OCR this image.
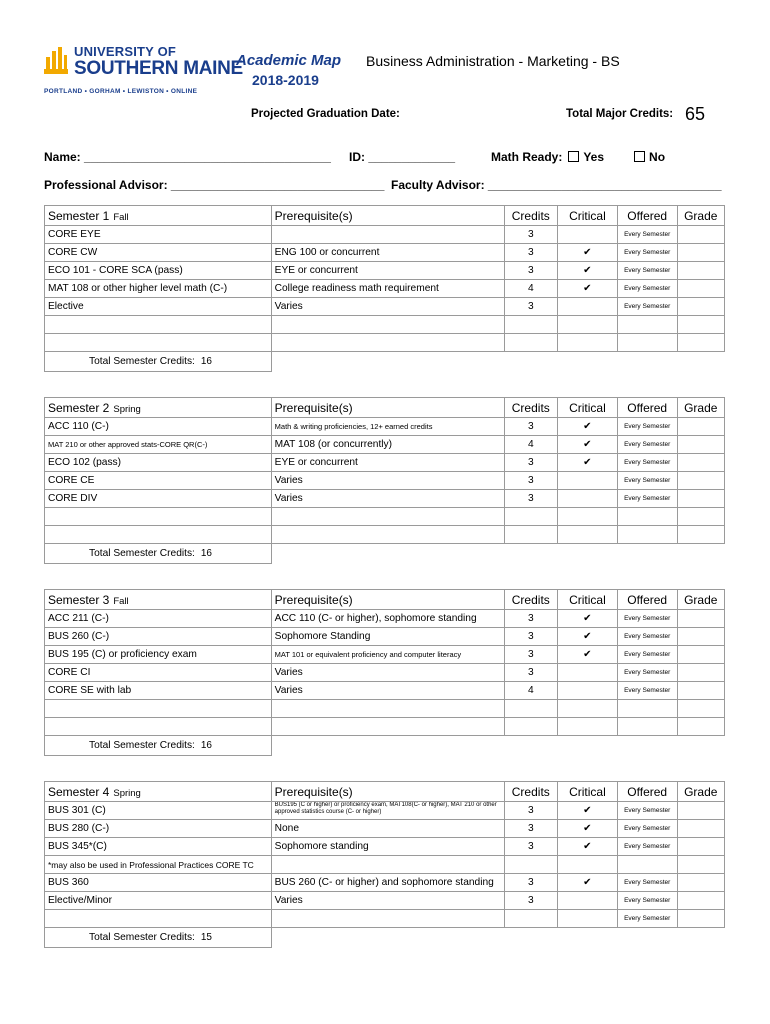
UNIVERSITY OF
SOUTHERN MAINE
PORTLAND • GORHAM • LEWISTON • ONLINE
Academic Map
2018-2019
Business Administration - Marketing - BS
Projected Graduation Date:	Total Major Credits: 65
Name: _____________________________________ ID: _____________	Math Ready: Yes	No
Professional Advisor: ________________________________ Faculty Advisor: ___________________________________
Semester 1 Fall	Prerequisite(s)	Credits	Critical	Offered	Grade
CORE EYE		3		Every Semester	
CORE CW	ENG 100 or concurrent	3	✔	Every Semester	
ECO 101 - CORE SCA (pass)	EYE or concurrent	3	✔	Every Semester	
MAT 108 or other higher level math (C-)	College readiness math requirement	4	✔	Every Semester	
Elective	Varies	3		Every Semester	

Total Semester Credits: 16					
Semester 2 Spring	Prerequisite(s)	Credits	Critical	Offered	Grade
ACC 110 (C-)	Math & writing proficiencies, 12+ earned credits	3	✔	Every Semester	
MAT 210 or other approved stats-CORE QR(C-)	MAT 108 (or concurrently)	4	✔	Every Semester	
ECO 102 (pass)	EYE or concurrent	3	✔	Every Semester	
CORE CE	Varies	3		Every Semester	
CORE DIV	Varies	3		Every Semester	

Total Semester Credits: 16					
Semester 3 Fall	Prerequisite(s)	Credits	Critical	Offered	Grade
ACC 211 (C-)	ACC 110 (C- or higher), sophomore standing	3	✔	Every Semester	
BUS 260 (C-)	Sophomore Standing	3	✔	Every Semester	
BUS 195 (C) or proficiency exam	MAT 101 or equivalent proficiency and computer literacy	3	✔	Every Semester	
CORE CI	Varies	3		Every Semester	
CORE SE with lab	Varies	4		Every Semester	

Total Semester Credits: 16					
Semester 4 Spring	Prerequisite(s)	Credits	Critical	Offered	Grade
BUS 301 (C)	BUS195 (C or higher) or proficiency exam, MAT108(C- or higher), MAT 210 or other approved statistics course (C- or higher)	3	✔	Every Semester	
BUS 280 (C-)	None	3	✔	Every Semester	
BUS 345*(C)	Sophomore standing	3	✔	Every Semester	
*may also be used in Professional Practices CORE TC					
BUS 360	BUS 260 (C- or higher) and sophomore standing	3	✔	Every Semester	
Elective/Minor	Varies	3		Every Semester	
				Every Semester	
Total Semester Credits: 15					
